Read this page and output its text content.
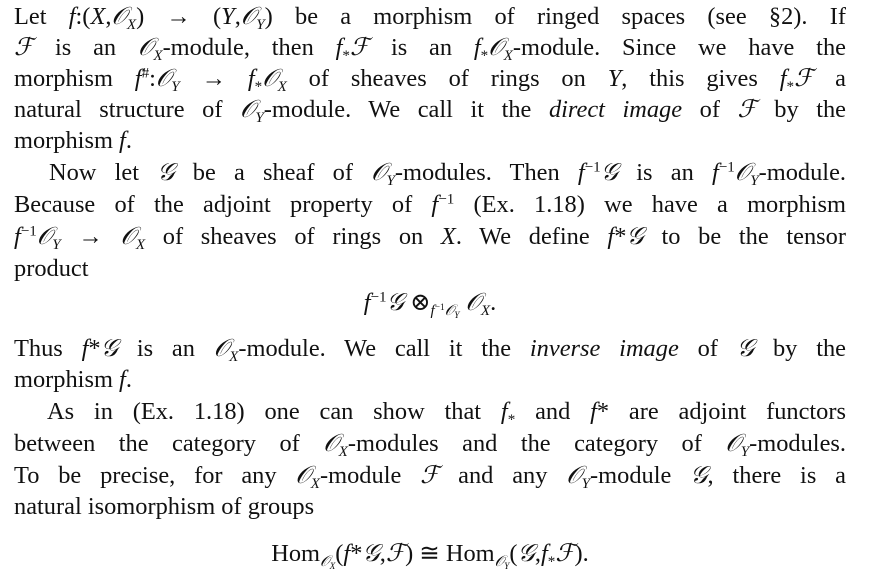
Let f:(X,𝒪$_X$) → (Y,𝒪$_Y$) be a morphism of ringed spaces (see §2). If
ℱ is an 𝒪$_X$-module, then $f_*ℱ$ is an $f_*𝒪_X$-module. Since we have the
morphism f#:𝒪$_Y$ → $f_*𝒪_X$ of sheaves of rings on Y, this gives $f_*ℱ$ a
natural structure of 𝒪$_Y$-module. We call it the direct image of ℱ by the
morphism f.
Now let 𝒢 be a sheaf of 𝒪$_Y$-modules. Then $f^{-1}𝒢$ is an $f^{-1}𝒪_Y$-module.
Because of the adjoint property of $f^{-1}$ (Ex. 1.18) we have a morphism
$f^{-1}𝒪_Y$ → 𝒪$_X$ of sheaves of rings on X. We define f*𝒢 to be the tensor
product
$f^{-1}𝒢$ $\otimes_{f^{-1}𝒪_Y}$ 𝒪$_X$.
Thus f*𝒢 is an 𝒪$_X$-module. We call it the inverse image of 𝒢 by the
morphism f.
As in (Ex. 1.18) one can show that $f_*$ and f* are adjoint functors
between the category of 𝒪$_X$-modules and the category of 𝒪$_Y$-modules.
To be precise, for any 𝒪$_X$-module ℱ and any 𝒪$_Y$-module 𝒢, there is a
natural isomorphism of groups
Hom$_{𝒪_X}$(f*𝒢,ℱ) ≅ $Hom_{𝒪_Y}(𝒢,f_*ℱ)$.
